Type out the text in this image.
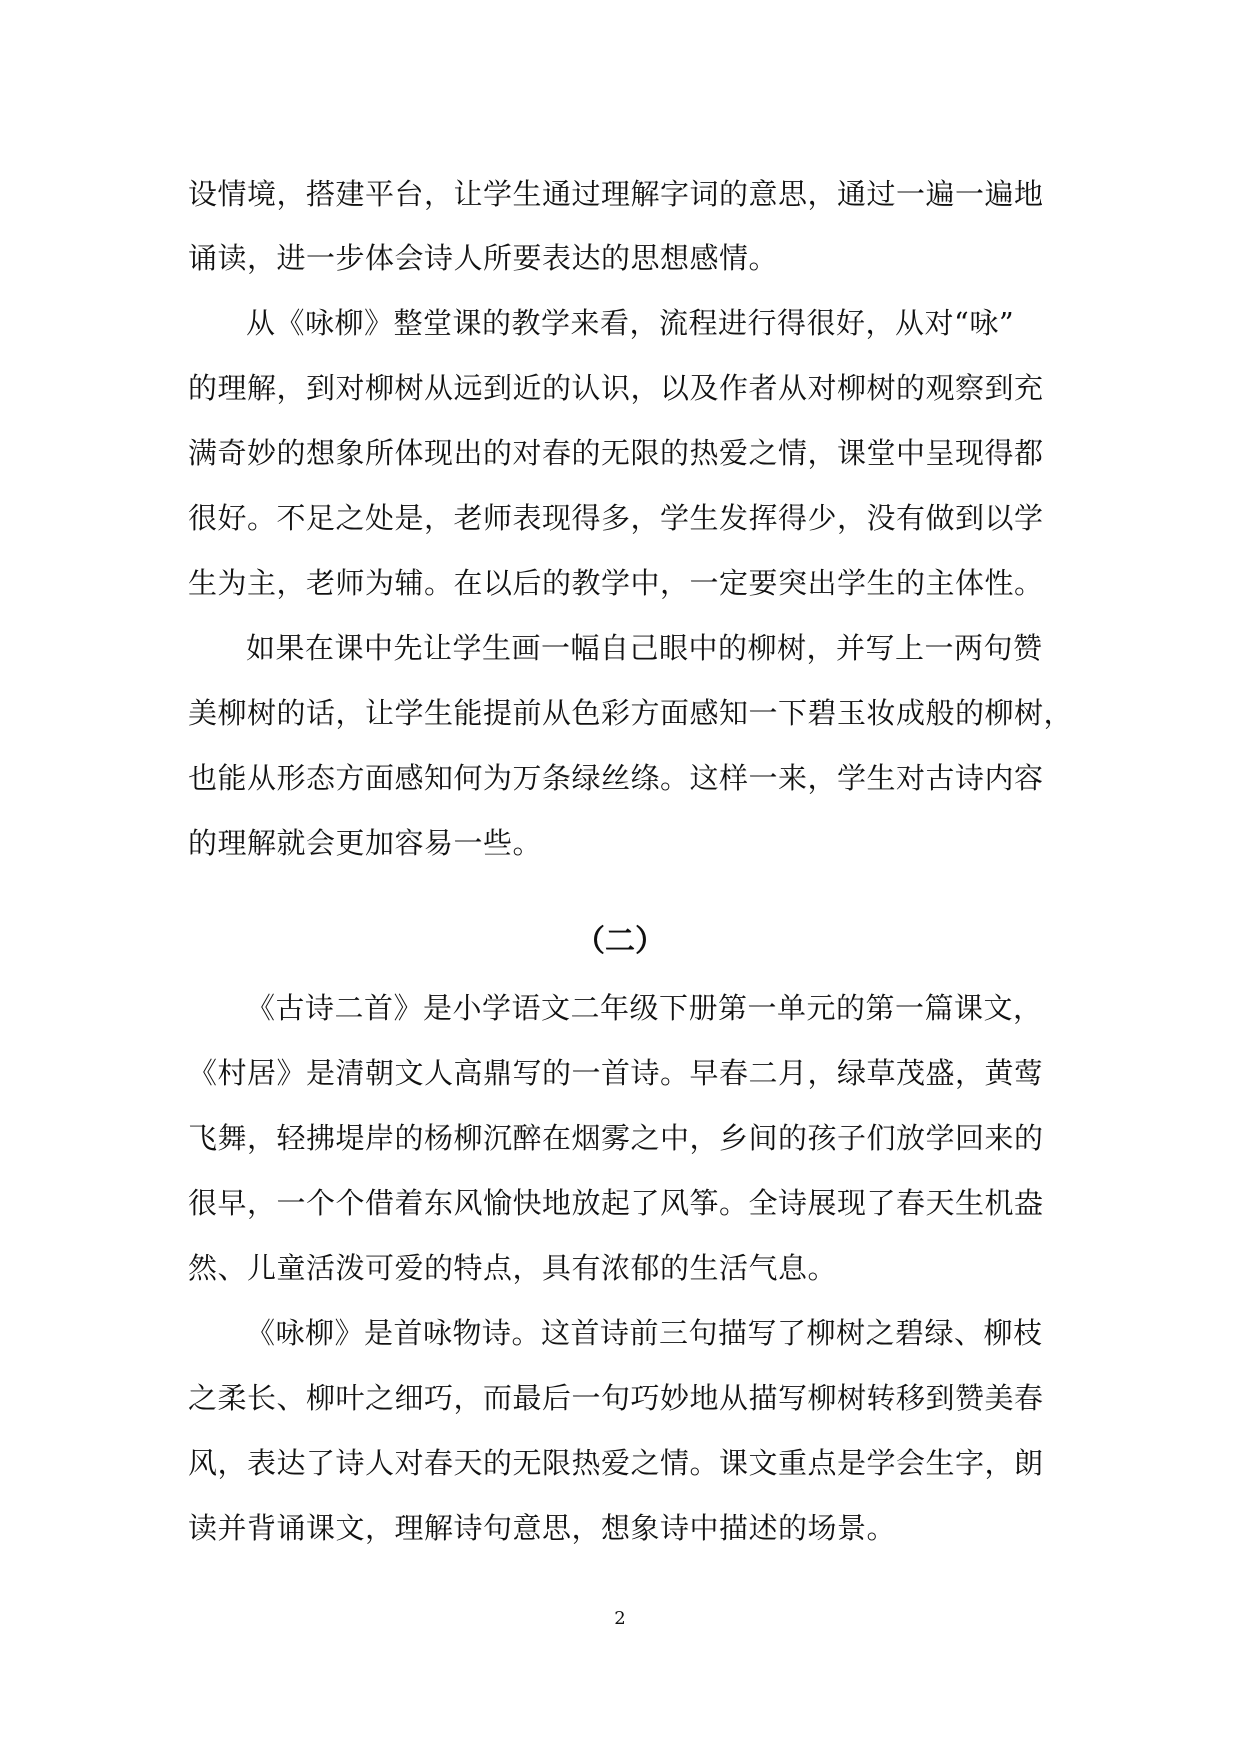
设情境，搭建平台，让学生通过理解字词的意思，通过一遍一遍地
诵读，进一步体会诗人所要表达的思想感情。
从《咏柳》整堂课的教学来看，流程进行得很好，从对“咏”
的理解，到对柳树从远到近的认识，以及作者从对柳树的观察到充
满奇妙的想象所体现出的对春的无限的热爱之情，课堂中呈现得都
很好。不足之处是，老师表现得多，学生发挥得少，没有做到以学
生为主，老师为辅。在以后的教学中，一定要突出学生的主体性。
如果在课中先让学生画一幅自己眼中的柳树，并写上一两句赞
美柳树的话，让学生能提前从色彩方面感知一下碧玉妆成般的柳树，
也能从形态方面感知何为万条绿丝绦。这样一来，学生对古诗内容
的理解就会更加容易一些。
（二）
《古诗二首》是小学语文二年级下册第一单元的第一篇课文，
《村居》是清朝文人高鼎写的一首诗。早春二月，绿草茂盛，黄莺
飞舞，轻拂堤岸的杨柳沉醉在烟雾之中，乡间的孩子们放学回来的
很早，一个个借着东风愉快地放起了风筝。全诗展现了春天生机盎
然、儿童活泼可爱的特点，具有浓郁的生活气息。
《咏柳》是首咏物诗。这首诗前三句描写了柳树之碧绿、柳枝
之柔长、柳叶之细巧，而最后一句巧妙地从描写柳树转移到赞美春
风，表达了诗人对春天的无限热爱之情。课文重点是学会生字，朗
读并背诵课文，理解诗句意思，想象诗中描述的场景。
2
